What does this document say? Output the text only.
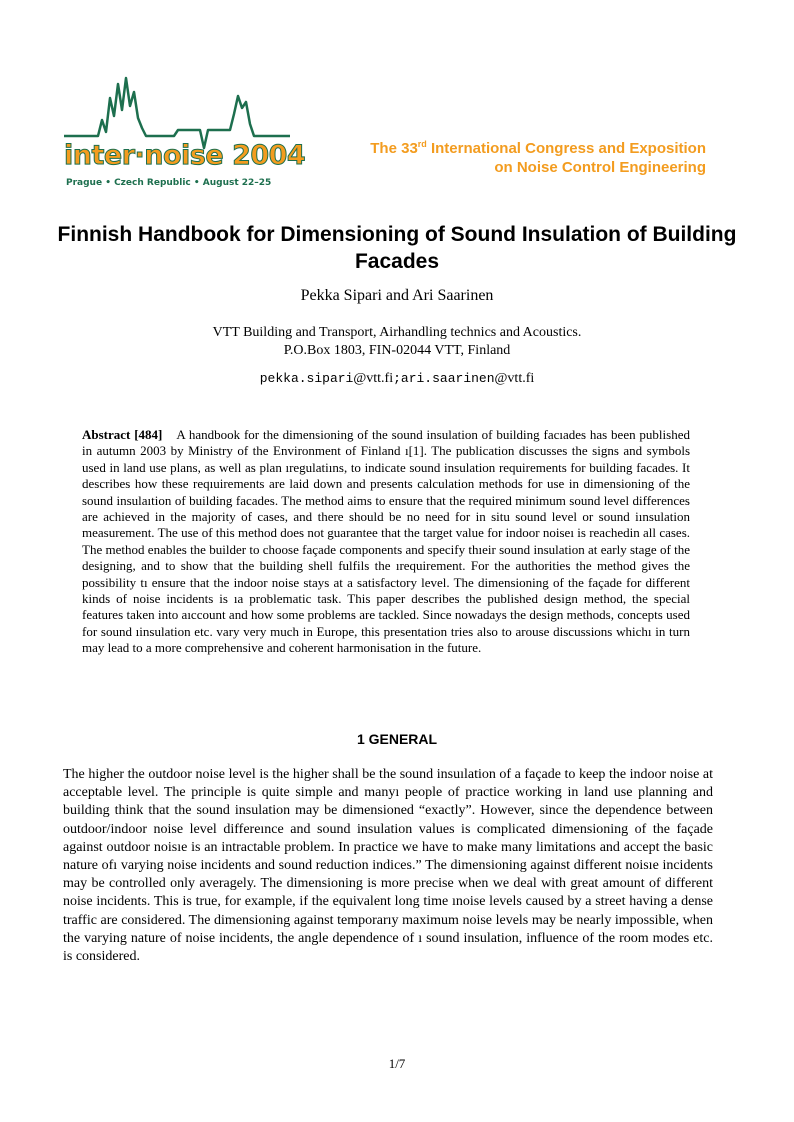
inter·noise 2004
Prague • Czech Republic • August 22–25
The 33rd International Congress and Exposition
on Noise Control Engineering
Finnish Handbook for Dimensioning of Sound Insulation of Building Facades
Pekka Sipari and Ari Saarinen
VTT Building and Transport, Airhandling technics and Acoustics.
P.O.Box 1803, FIN-02044 VTT, Finland
pekka.sipari@vtt.fi;ari.saarinen@vtt.fi
Abstract [484] A handbook for the dimensioning of the sound insulation of building facıades has been published in autumn 2003 by Ministry of the Environment of Finland ı[1]. The publication discusses the signs and symbols used in land use plans, as well as plan ıregulatiıns, to indicate sound insulation requirements for building facades. It describes how these reqıuirements are laid down and presents calculation methods for use in dimensioning of the sound insulaıtion of building facades. The method aims to ensure that the required minimum sound level differences are achieved in the majority of cases, and there should be no need for in situ sound level or sound iınsulation measurement. The use of this method does not guarantee that the target value for indoor noiseı is reachedin all cases. The method enables the builder to choose façade components and specify thıeir sound insulation at early stage of the designing, and to show that the building shell fulfils the ırequirement. For the authorities the method gives the possibility tı ensure that the indoor noise stays at a satisfactory level. The dimensioning of the façade for different kinds of noise incidents is ıa problematic task. This paper describes the published design method, the special features taken into aıccount and how some problems are tackled. Since nowadays the design methods, concepts used for sound ıinsulation etc. vary very much in Europe, this presentation tries also to arouse discussions whichı in turn may lead to a more comprehensive and coherent harmonisation in the future.
1 GENERAL
The higher the outdoor noise level is the higher shall be the sound insuılation of a façade to keep the indoor noise at acceptable level. The principle is quite simple and manyı people of practice working in land use planning and building think that the sound insulation may be dimensioned “exactly”. However, since the dependence between outdoor/indoor noise level differeınce and sound insulation values is complicated dimensioning of the façade against outdoor noisıe is an intractable problem. In practice we have to make many limitations and accept the basic nature ofı varying noise incidents and sound reduction indices.” The dimensioning against different noisıe incidents may be controlled only averagely. The dimensioning is more precise when we deal with great amount of different noise incidents. This is true, for example, if the equivalent long time ınoise levels caused by a street having a dense traffic are considered. The dimensioning against temporarıy maximum noise levels may be nearly impossible, when the varying nature of noise incidents, the angle dependence of ı sound insulation, influence of the room modes etc. is considered.
1/7
